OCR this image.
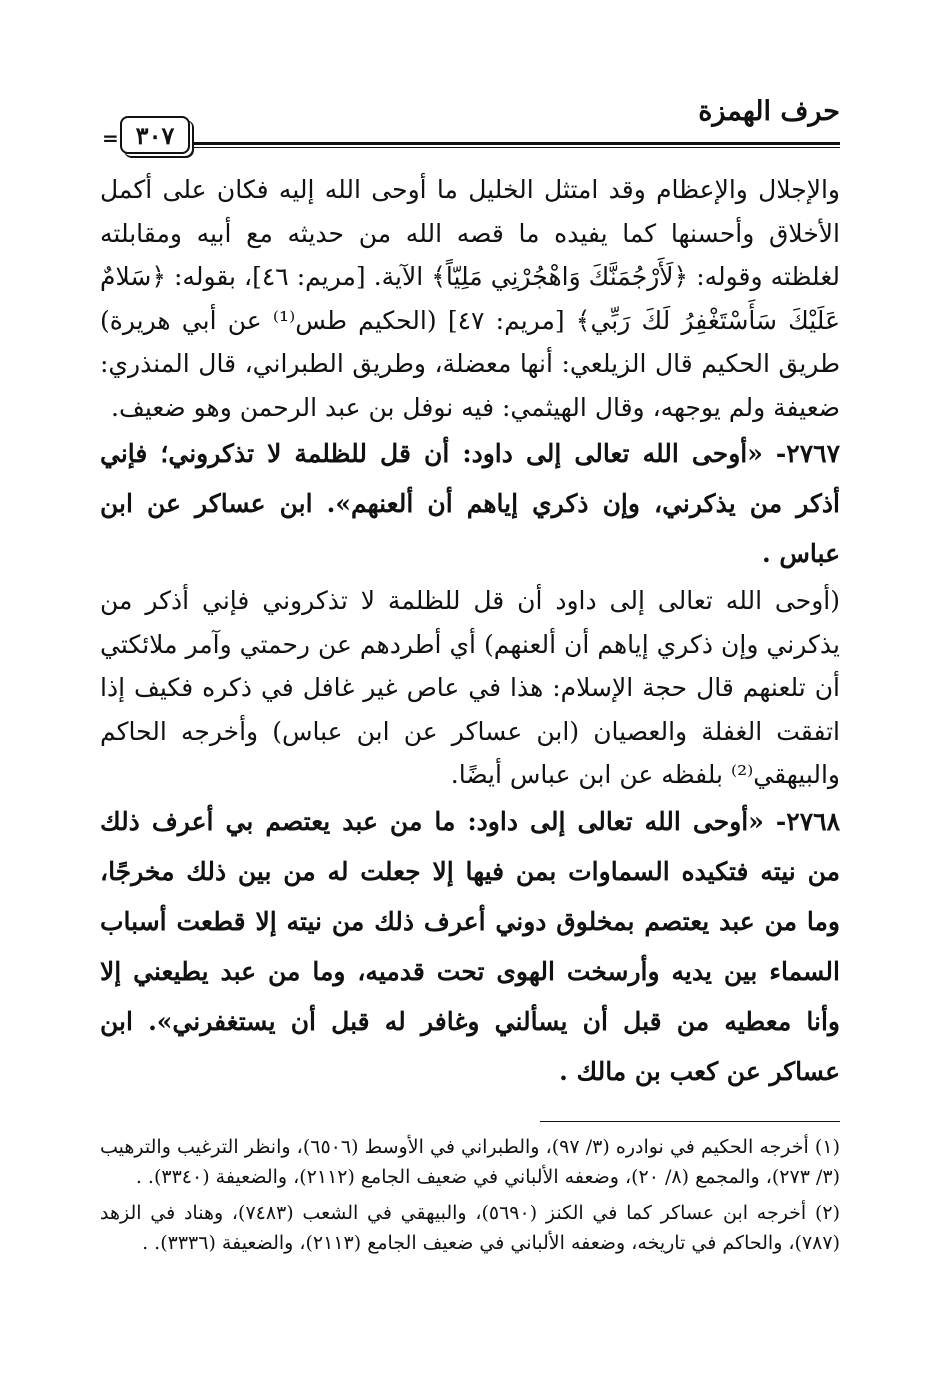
حرف الهمزة
٣٠٧
=

والإجلال والإعظام وقد امتثل الخليل ما أوحى الله إليه فكان على أكمل الأخلاق وأحسنها كما يفيده ما قصه الله من حديثه مع أبيه ومقابلته لغلظته وقوله: ﴿لَأَرْجُمَنَّكَ وَاهْجُرْنِي مَلِيّاً﴾ الآية. [مريم: ٤٦]، بقوله: ﴿سَلامٌ عَلَيْكَ سَأَسْتَغْفِرُ لَكَ رَبِّي﴾ [مريم: ٤٧] (الحكيم طس⁽¹⁾ عن أبي هريرة) طريق الحكيم قال الزيلعي: أنها معضلة، وطريق الطبراني، قال المنذري: ضعيفة ولم يوجهه، وقال الهيثمي: فيه نوفل بن عبد الرحمن وهو ضعيف.

٢٧٦٧- «أوحى الله تعالى إلى داود: أن قل للظلمة لا تذكروني؛ فإني أذكر من يذكرني، وإن ذكري إياهم أن ألعنهم». ابن عساكر عن ابن عباس .

(أوحى الله تعالى إلى داود أن قل للظلمة لا تذكروني فإني أذكر من يذكرني وإن ذكري إياهم أن ألعنهم) أي أطردهم عن رحمتي وآمر ملائكتي أن تلعنهم قال حجة الإسلام: هذا في عاص غير غافل في ذكره فكيف إذا اتفقت الغفلة والعصيان (ابن عساكر عن ابن عباس) وأخرجه الحاكم والبيهقي⁽²⁾ بلفظه عن ابن عباس أيضًا.

٢٧٦٨- «أوحى الله تعالى إلى داود: ما من عبد يعتصم بي أعرف ذلك من نيته فتكيده السماوات بمن فيها إلا جعلت له من بين ذلك مخرجًا، وما من عبد يعتصم بمخلوق دوني أعرف ذلك من نيته إلا قطعت أسباب السماء بين يديه وأرسخت الهوى تحت قدميه، وما من عبد يطيعني إلا وأنا معطيه من قبل أن يسألني وغافر له قبل أن يستغفرني». ابن عساكر عن كعب بن مالك .

(١) أخرجه الحكيم في نوادره (٣/ ٩٧)، والطبراني في الأوسط (٦٥٠٦)، وانظر الترغيب والترهيب (٣/ ٢٧٣)، والمجمع (٨/ ٢٠)، وضعفه الألباني في ضعيف الجامع (٢١١٢)، والضعيفة (٣٣٤٠). .

(٢) أخرجه ابن عساكر كما في الكنز (٥٦٩٠)، والبيهقي في الشعب (٧٤٨٣)، وهناد في الزهد (٧٨٧)، والحاكم في تاريخه، وضعفه الألباني في ضعيف الجامع (٢١١٣)، والضعيفة (٣٣٣٦). .
